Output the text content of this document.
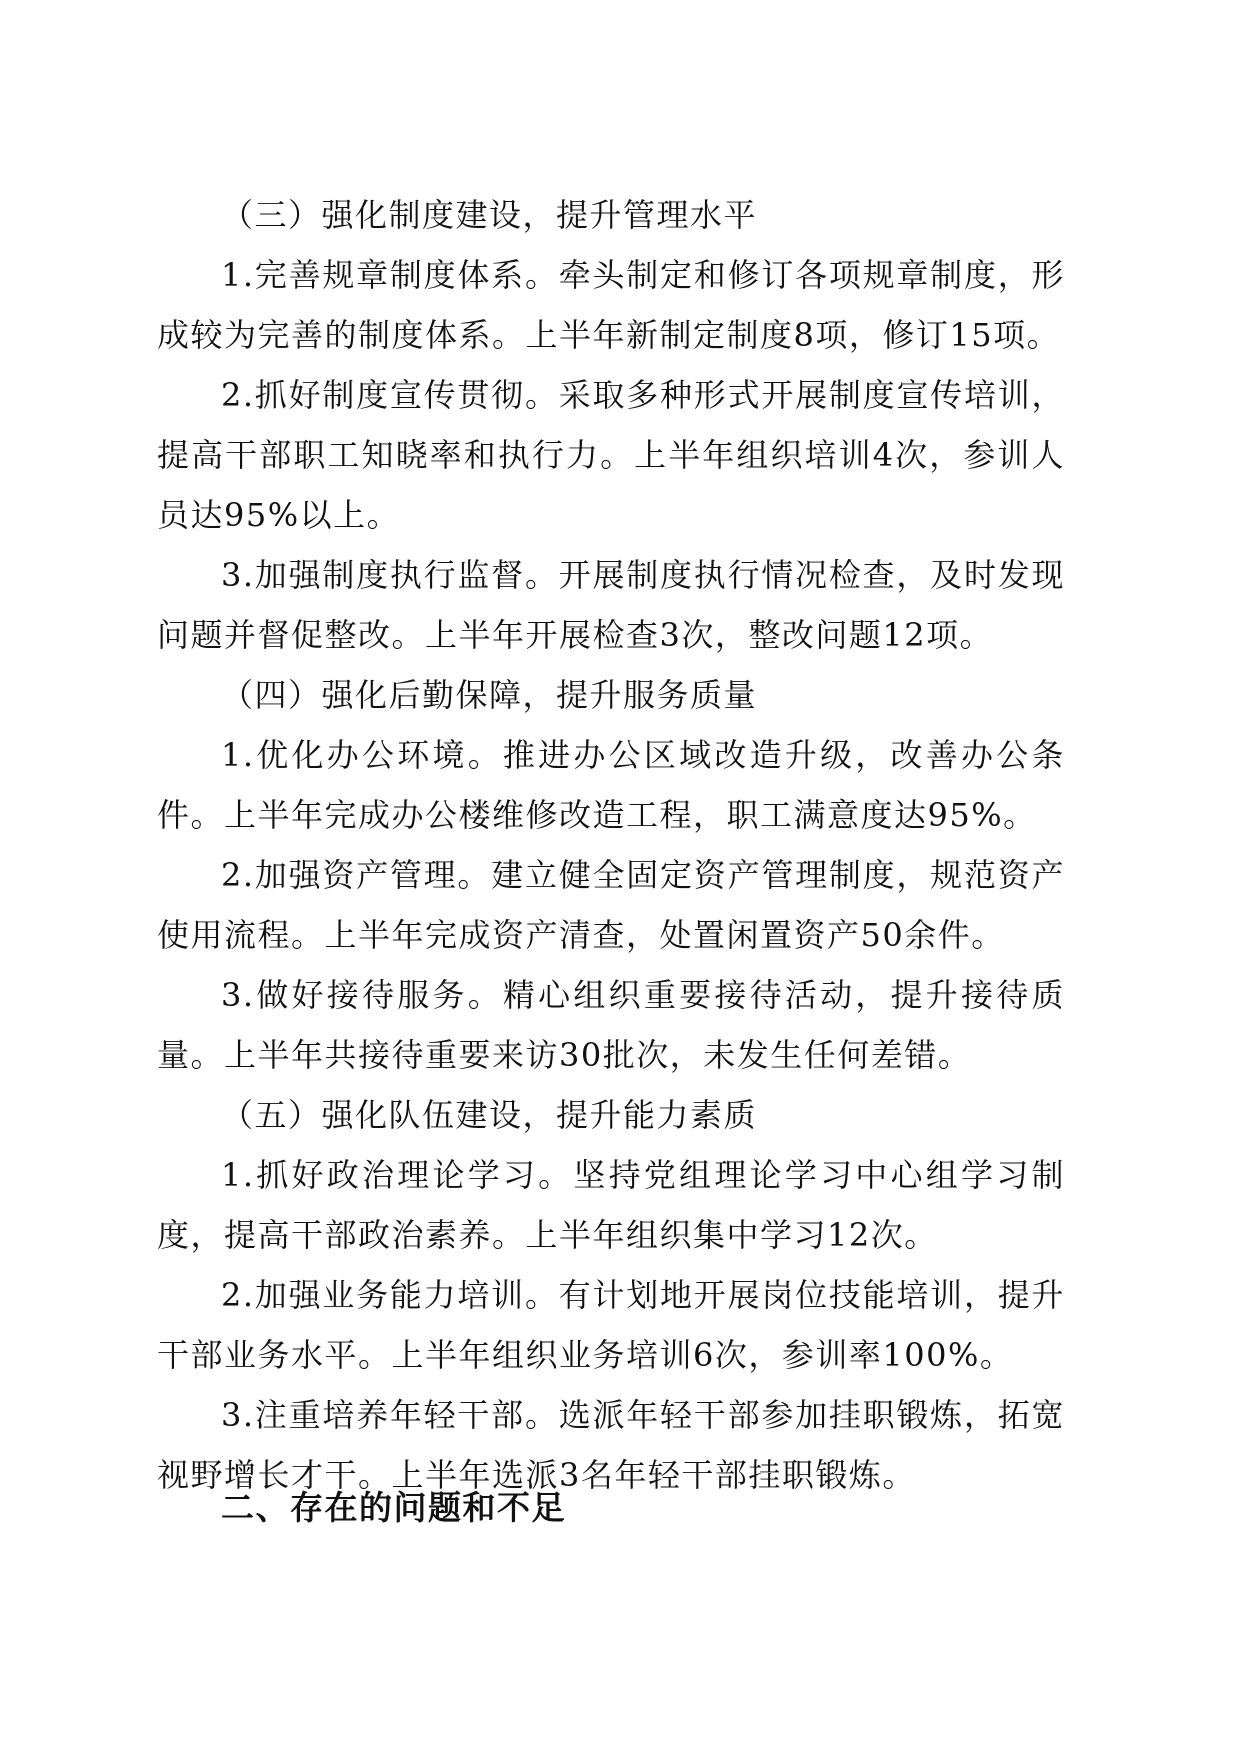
（三）强化制度建设，提升管理水平

1.完善规章制度体系。牵头制定和修订各项规章制度，形成较为完善的制度体系。上半年新制定制度8项，修订15项。

2.抓好制度宣传贯彻。采取多种形式开展制度宣传培训，提高干部职工知晓率和执行力。上半年组织培训4次，参训人员达95%以上。

3.加强制度执行监督。开展制度执行情况检查，及时发现问题并督促整改。上半年开展检查3次，整改问题12项。

（四）强化后勤保障，提升服务质量

1.优化办公环境。推进办公区域改造升级，改善办公条件。上半年完成办公楼维修改造工程，职工满意度达95%。

2.加强资产管理。建立健全固定资产管理制度，规范资产使用流程。上半年完成资产清查，处置闲置资产50余件。

3.做好接待服务。精心组织重要接待活动，提升接待质量。上半年共接待重要来访30批次，未发生任何差错。

（五）强化队伍建设，提升能力素质

1.抓好政治理论学习。坚持党组理论学习中心组学习制度，提高干部政治素养。上半年组织集中学习12次。

2.加强业务能力培训。有计划地开展岗位技能培训，提升干部业务水平。上半年组织业务培训6次，参训率100%。

3.注重培养年轻干部。选派年轻干部参加挂职锻炼，拓宽视野增长才干。上半年选派3名年轻干部挂职锻炼。

二、存在的问题和不足
